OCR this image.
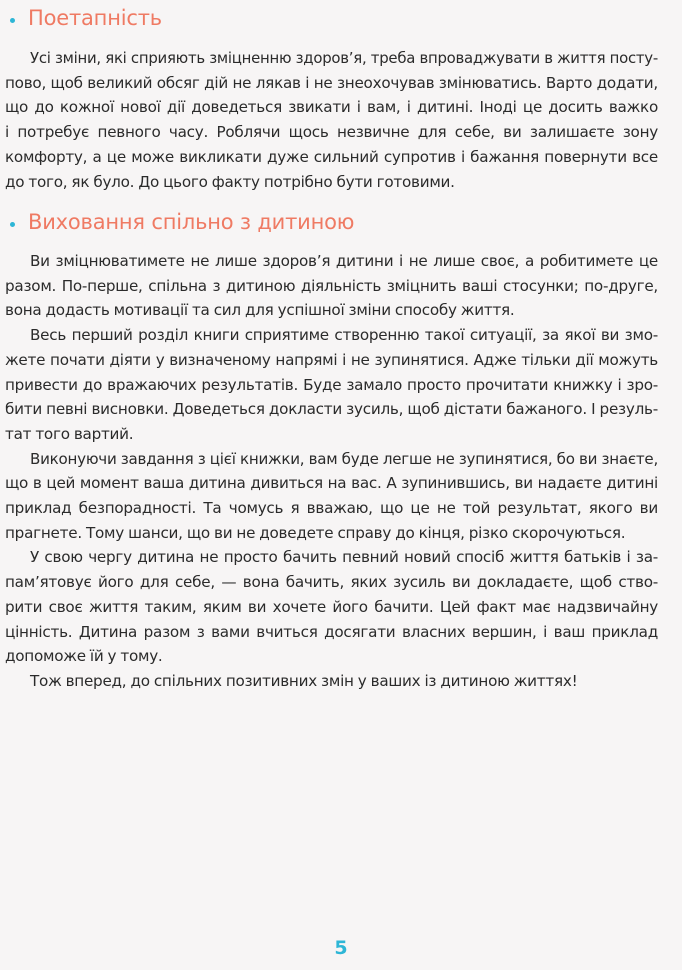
Поетапність

Усі зміни, які сприяють зміцненню здоров’я, треба впроваджувати в життя посту-

пово, щоб великий обсяг дій не лякав і не знеохочував змінюватись. Варто додати,

що до кожної нової дії доведеться звикати і вам, і дитині. Іноді це досить важко

і потребує певного часу. Роблячи щось незвичне для себе, ви залишаєте зону

комфорту, а це може викликати дуже сильний супротив і бажання повернути все

до того, як було. До цього факту потрібно бути готовими.

Виховання спільно з дитиною

Ви зміцнюватимете не лише здоров’я дитини і не лише своє, а робитимете це

разом. По-перше, спільна з дитиною діяльність зміцнить ваші стосунки; по-друге,

вона додасть мотивації та сил для успішної зміни способу життя.

Весь перший розділ книги сприятиме створенню такої ситуації, за якої ви змо-

жете почати діяти у визначеному напрямі і не зупинятися. Адже тільки дії можуть

привести до вражаючих результатів. Буде замало просто прочитати книжку і зро-

бити певні висновки. Доведеться докласти зусиль, щоб дістати бажаного. І резуль-

тат того вартий.

Виконуючи завдання з цієї книжки, вам буде легше не зупинятися, бо ви знаєте,

що в цей момент ваша дитина дивиться на вас. А зупинившись, ви надаєте дитині

приклад безпорадності. Та чомусь я вважаю, що це не той результат, якого ви

прагнете. Тому шанси, що ви не доведете справу до кінця, різко скорочуються.

У свою чергу дитина не просто бачить певний новий спосіб життя батьків і за-

пам’ятовує його для себе, — вона бачить, яких зусиль ви докладаєте, щоб ство-

рити своє життя таким, яким ви хочете його бачити. Цей факт має надзвичайну

цінність. Дитина разом з вами вчиться досягати власних вершин, і ваш приклад

допоможе їй у тому.

Тож вперед, до спільних позитивних змін у ваших із дитиною життях!

5
